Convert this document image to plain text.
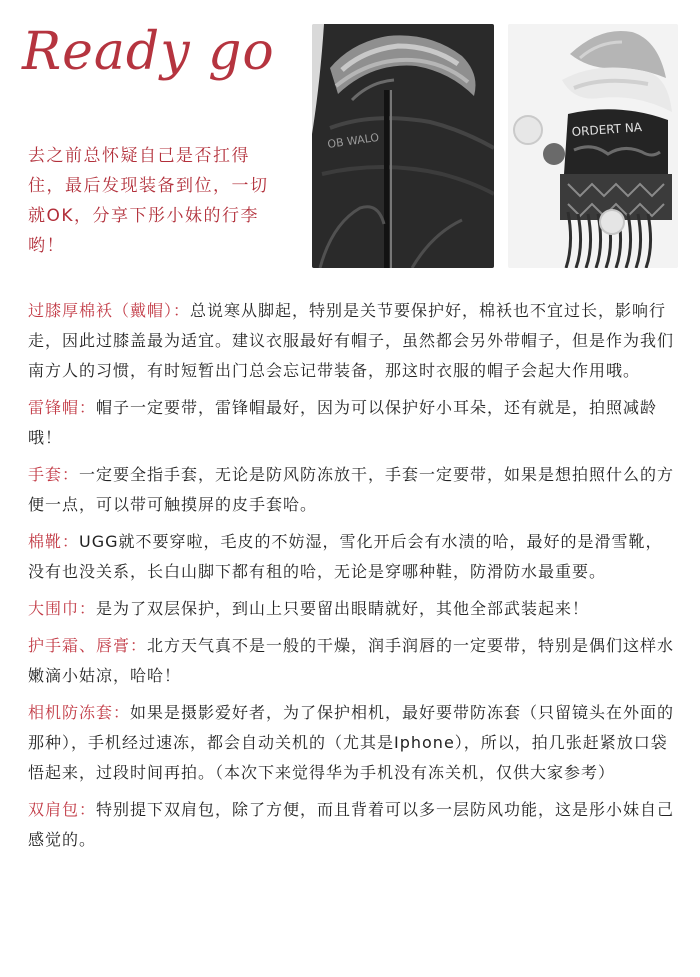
Ready go
去之前总怀疑自己是否扛得住，最后发现装备到位，一切就OK，分享下彤小妹的行李哟！
OB WALO
ORDERT NA
过膝厚棉袄（戴帽）：总说寒从脚起，特别是关节要保护好，棉袄也不宜过长，影响行走，因此过膝盖最为适宜。建议衣服最好有帽子，虽然都会另外带帽子，但是作为我们南方人的习惯，有时短暂出门总会忘记带装备，那这时衣服的帽子会起大作用哦。
雷锋帽：帽子一定要带，雷锋帽最好，因为可以保护好小耳朵，还有就是，拍照减龄哦！
手套：一定要全指手套，无论是防风防冻放干，手套一定要带，如果是想拍照什么的方便一点，可以带可触摸屏的皮手套哈。
棉靴：UGG就不要穿啦，毛皮的不妨湿，雪化开后会有水渍的哈，最好的是滑雪靴，没有也没关系，长白山脚下都有租的哈，无论是穿哪种鞋，防滑防水最重要。
大围巾：是为了双层保护，到山上只要留出眼睛就好，其他全部武装起来！
护手霜、唇膏：北方天气真不是一般的干燥，润手润唇的一定要带，特别是偶们这样水嫩滴小姑凉，哈哈！
相机防冻套：如果是摄影爱好者，为了保护相机，最好要带防冻套（只留镜头在外面的那种），手机经过速冻，都会自动关机的（尤其是Iphone），所以，拍几张赶紧放口袋悟起来，过段时间再拍。（本次下来觉得华为手机没有冻关机，仅供大家参考）
双肩包：特别提下双肩包，除了方便，而且背着可以多一层防风功能，这是彤小妹自己感觉的。
